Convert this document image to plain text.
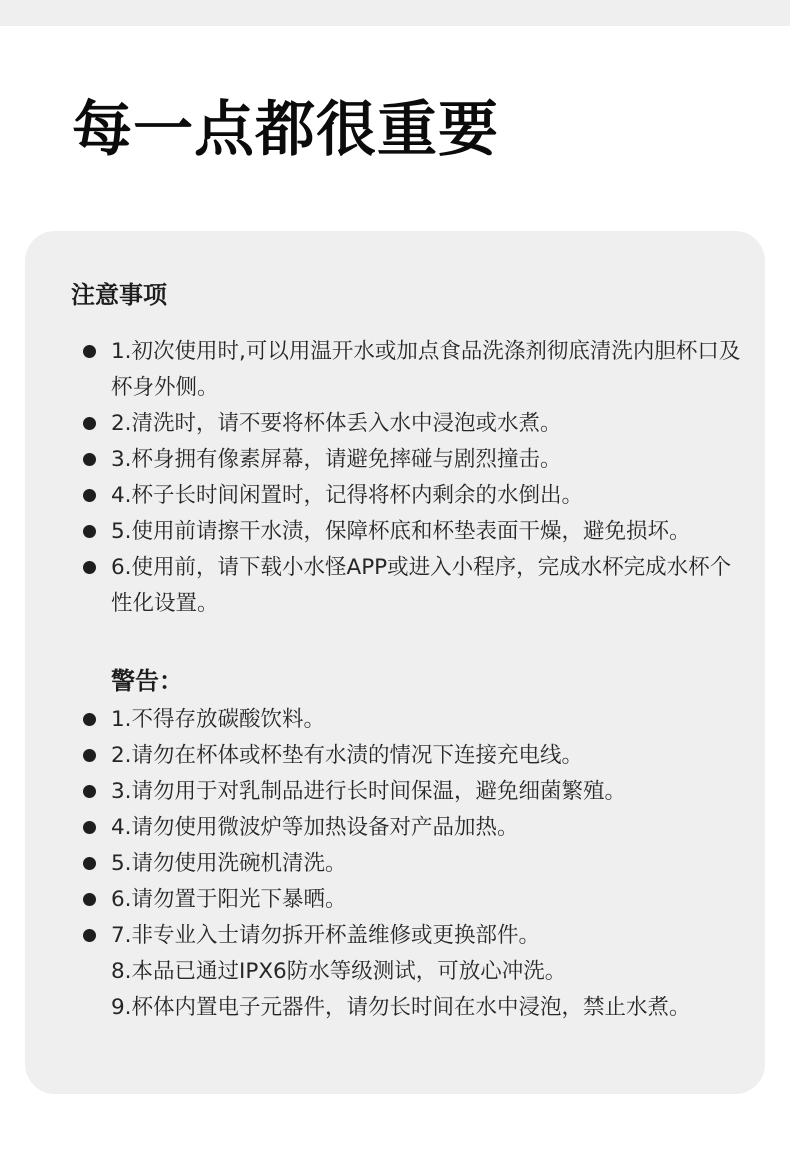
每一点都很重要
注意事项
1.初次使用时,可以用温开水或加点食品洗涤剂彻底清洗内胆杯口及杯身外侧。
2.清洗时，请不要将杯体丢入水中浸泡或水煮。
3.杯身拥有像素屏幕，请避免摔碰与剧烈撞击。
4.杯子长时间闲置时，记得将杯内剩余的水倒出。
5.使用前请擦干水渍，保障杯底和杯垫表面干燥，避免损坏。
6.使用前，请下载小水怪APP或进入小程序，完成水杯完成水杯个性化设置。
警告：
1.不得存放碳酸饮料。
2.请勿在杯体或杯垫有水渍的情况下连接充电线。
3.请勿用于对乳制品进行长时间保温，避免细菌繁殖。
4.请勿使用微波炉等加热设备对产品加热。
5.请勿使用洗碗机清洗。
6.请勿置于阳光下暴晒。
7.非专业入士请勿拆开杯盖维修或更换部件。
8.本品已通过IPX6防水等级测试，可放心冲洗。
9.杯体内置电子元器件，请勿长时间在水中浸泡，禁止水煮。
